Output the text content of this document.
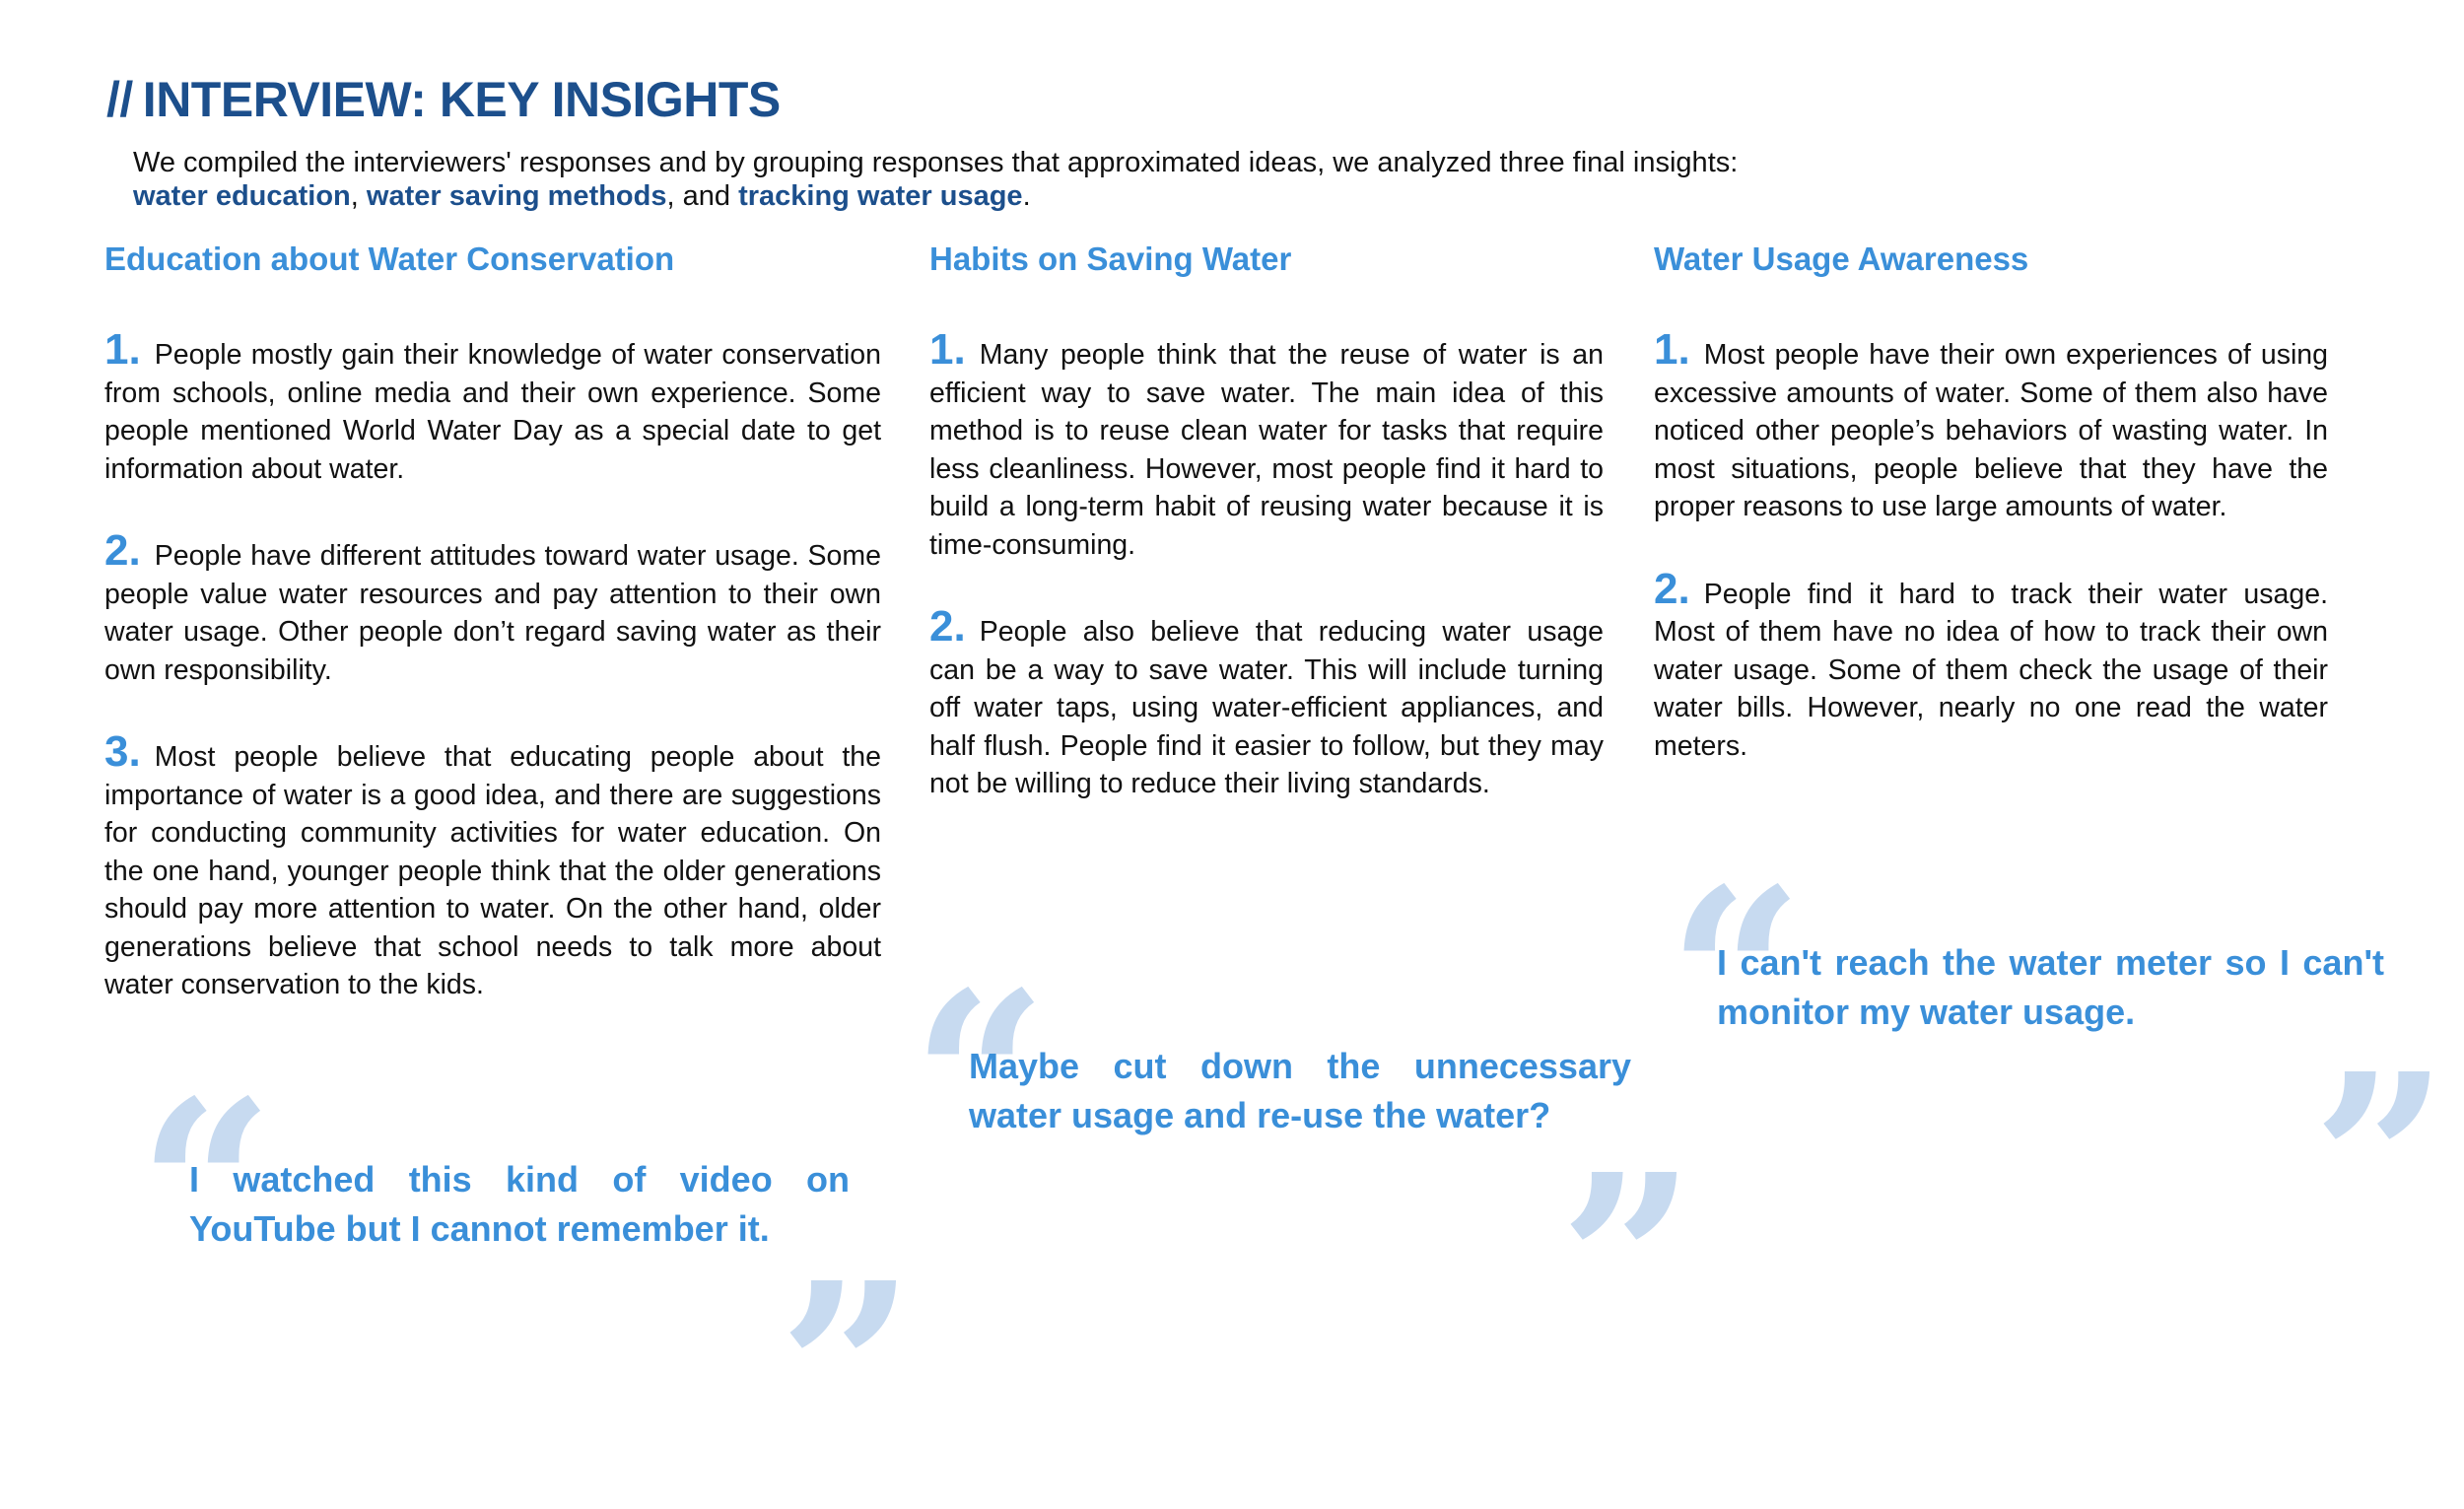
// INTERVIEW: KEY INSIGHTS
We compiled the interviewers' responses and by grouping responses that approximated ideas, we analyzed three final insights:
water education, water saving methods, and tracking water usage.
Education about Water Conservation

1. People mostly gain their knowledge of water conservation from schools, online media and their own experience. Some people mentioned World Water Day as a special date to get information about water.

2. People have different attitudes toward water usage. Some people value water resources and pay attention to their own water usage. Other people don’t regard saving water as their own responsibility.

3. Most people believe that educating people about the importance of water is a good idea, and there are suggestions for conducting community activities for water education. On the one hand, younger people think that the older generations should pay more attention to water. On the other hand, older generations believe that school needs to talk more about water conservation to the kids.

Habits on Saving Water

1. Many people think that the reuse of water is an efficient way to save water. The main idea of this method is to reuse clean water for tasks that require less cleanliness. However, most people find it hard to build a long-term habit of reusing water because it is time-consuming.

2. People also believe that reducing water usage can be a way to save water. This will include turning off water taps, using water-efficient appliances, and half flush. People find it easier to follow, but they may not be willing to reduce their living standards.

Water Usage Awareness

1. Most people have their own experiences of using excessive amounts of water. Some of them also have noticed other people’s behaviors of wasting water. In most situations, people believe that they have the proper reasons to use large amounts of water.

2. People find it hard to track their water usage. Most of them have no idea of how to track their own water usage. Some of them check the usage of their water bills. However, nearly no one read the water meters.

“
I watched this kind of video on YouTube but I cannot remember it.
”
“
Maybe cut down the unnecessary water usage and re-use the water?
”
“
I can't reach the water meter so I can't monitor my water usage.
”
